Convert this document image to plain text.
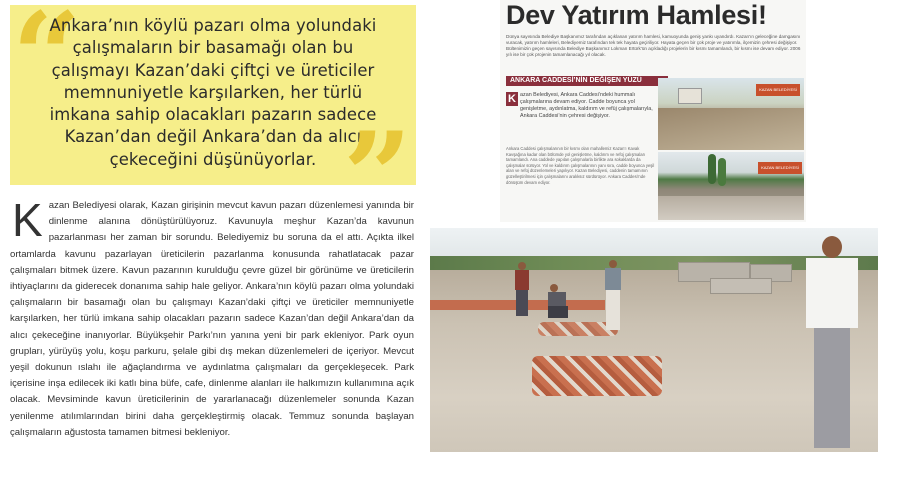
“
Ankara’nın köylü pazarı olma yolundaki çalışmaların bir basamağı olan bu çalışmayı Kazan’daki çiftçi ve üreticiler memnuniyetle karşılarken, her türlü imkana sahip olacakları pazarın sadece Kazan’dan değil Ankara’dan da alıcı çekeceğini düşünüyorlar. ”
K azan Belediyesi olarak, Kazan girişinin mevcut kavun pazarı düzenlemesi yanında bir dinlenme alanına dönüştürülüyoruz. Kavunuyla meşhur Kazan’da kavunun pazarlanması her zaman bir sorundu. Belediyemiz bu soruna da el attı. Açıkta ilkel ortamlarda kavunu pazarlayan üreticilerin pazarlanma konusunda rahatlatacak pazar çalışmaları bitmek üzere. Kavun pazarının kurulduğu çevre güzel bir görünüme ve üreticilerin ihtiyaçlarını da giderecek donanıma sahip hale geliyor. Ankara’nın köylü pazarı olma yolundaki çalışmaların bir basamağı olan bu çalışmayı Kazan’daki çiftçi ve üreticiler memnuniyetle karşılarken, her türlü imkana sahip olacakları pazarın sadece Kazan’dan değil Ankara’dan da alıcı çekeceğine inanıyorlar. Büyükşehir Parkı’nın yanına yeni bir park ekleniyor. Park oyun grupları, yürüyüş yolu, koşu parkuru, şelale gibi dış mekan düzenlemeleri de içeriyor. Mevcut yeşil dokunun ıslahı ile ağaçlandırma ve aydınlatma çalışmaları da gerçekleşecek. Park içerisine inşa edilecek iki katlı bina büfe, cafe, dinlenme alanları ile halkımızın kullanımına açık olacak. Mevsiminde kavun üreticilerinin de yararlanacağı düzenlemeler sonunda Kazan yenilenme atılımlarından birini daha gerçekleştirmiş olacak. Temmuz sonunda başlayan çalışmaların ağustosta tamamen bitmesi bekleniyor.
Dev Yatırım Hamlesi!
Dünya sayısında Belediye Başkanımız tarafından açıklanan yatırım hamlesi, kamuoyunda geniş yankı uyandırdı. Kazan’ın geleceğine damgasını vuracak, yatırım hamleleri, Belediyemiz tarafından tek tek hayata geçiriliyor. Hayata geçen bir çok proje ve yatırımla, ilçemizin çehresi değişiyor. Bültenimizin geçen sayısında Belediye Başkanımız Lokman Ertürk’ün açıkladığı projelerin bir kısmı tamamlandı, bir kısmı ise devam ediyor. 2006 yılı ise bir çok projenin tamamlanacağı yıl olacak.
ANKARA CADDESİ’NİN DEĞİŞEN YÜZÜ
K azan Belediyesi, Ankara Caddesi’ndeki hummalı çalışmalarına devam ediyor. Cadde boyunca yol genişletme, aydınlatma, kaldırım ve refüj çalışmalarıyla, Ankara Caddesi’nin çehresi değişiyor.
Ankara Caddesi çalışmalarının bir kısmı olan mahallemiz Kazan’ı Kavak Kavşağına kadar olan bölümde yol genişletme, kaldırım ve refüj çalışmaları tamamlandı. Ana caddede yapılan çalışmalarla birlikte ara sokaklarda da çalışmalar sürüyor. Yol ve kaldırım çalışmalarının yanı sıra, cadde boyunca yeşil alan ve refüj düzenlemeleri yapılıyor. Kazan Belediyesi, caddenin tamamının güzelleştirilmesi için çalışmalarını aralıksız sürdürüyor. Ankara Caddesi’nde dönüşüm devam ediyor.
KAZAN BELEDİYESİ
KAZAN BELEDİYESİ
